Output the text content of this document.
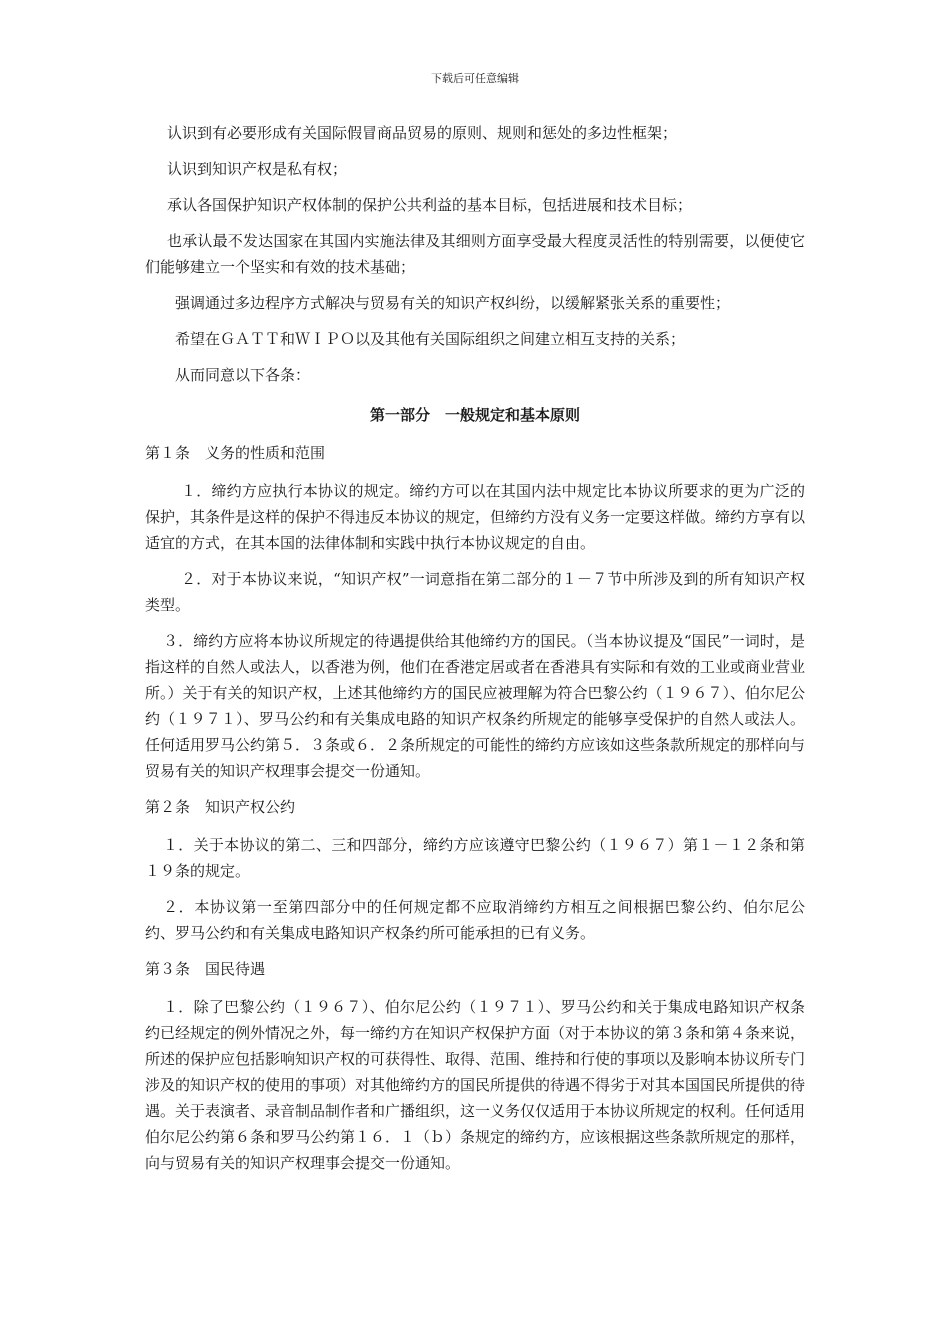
下载后可任意编辑

认识到有必要形成有关国际假冒商品贸易的原则、规则和惩处的多边性框架；

认识到知识产权是私有权；

承认各国保护知识产权体制的保护公共利益的基本目标，包括进展和技术目标；

也承认最不发达国家在其国内实施法律及其细则方面享受最大程度灵活性的特别需要，以便使它们能够建立一个坚实和有效的技术基础；

强调通过多边程序方式解决与贸易有关的知识产权纠纷，以缓解紧张关系的重要性；

希望在ＧＡＴＴ和ＷＩＰＯ以及其他有关国际组织之间建立相互支持的关系；

从而同意以下各条：

第一部分　一般规定和基本原则
第１条　义务的性质和范围

１．缔约方应执行本协议的规定。缔约方可以在其国内法中规定比本协议所要求的更为广泛的保护，其条件是这样的保护不得违反本协议的规定，但缔约方没有义务一定要这样做。缔约方享有以适宜的方式，在其本国的法律体制和实践中执行本协议规定的自由。

２．对于本协议来说，“知识产权”一词意指在第二部分的１－７节中所涉及到的所有知识产权类型。

３．缔约方应将本协议所规定的待遇提供给其他缔约方的国民。（当本协议提及“国民”一词时，是指这样的自然人或法人，以香港为例，他们在香港定居或者在香港具有实际和有效的工业或商业营业所。）关于有关的知识产权，上述其他缔约方的国民应被理解为符合巴黎公约（１９６７）、伯尔尼公约（１９７１）、罗马公约和有关集成电路的知识产权条约所规定的能够享受保护的自然人或法人。任何适用罗马公约第５．３条或６．２条所规定的可能性的缔约方应该如这些条款所规定的那样向与贸易有关的知识产权理事会提交一份通知。

第２条　知识产权公约

１．关于本协议的第二、三和四部分，缔约方应该遵守巴黎公约（１９６７）第１－１２条和第１９条的规定。

２．本协议第一至第四部分中的任何规定都不应取消缔约方相互之间根据巴黎公约、伯尔尼公约、罗马公约和有关集成电路知识产权条约所可能承担的已有义务。

第３条　国民待遇

１．除了巴黎公约（１９６７）、伯尔尼公约（１９７１）、罗马公约和关于集成电路知识产权条约已经规定的例外情况之外，每一缔约方在知识产权保护方面（对于本协议的第３条和第４条来说，所述的保护应包括影响知识产权的可获得性、取得、范围、维持和行使的事项以及影响本协议所专门涉及的知识产权的使用的事项）对其他缔约方的国民所提供的待遇不得劣于对其本国国民所提供的待遇。关于表演者、录音制品制作者和广播组织，这一义务仅仅适用于本协议所规定的权利。任何适用伯尔尼公约第６条和罗马公约第１６．１（ｂ）条规定的缔约方，应该根据这些条款所规定的那样，向与贸易有关的知识产权理事会提交一份通知。
